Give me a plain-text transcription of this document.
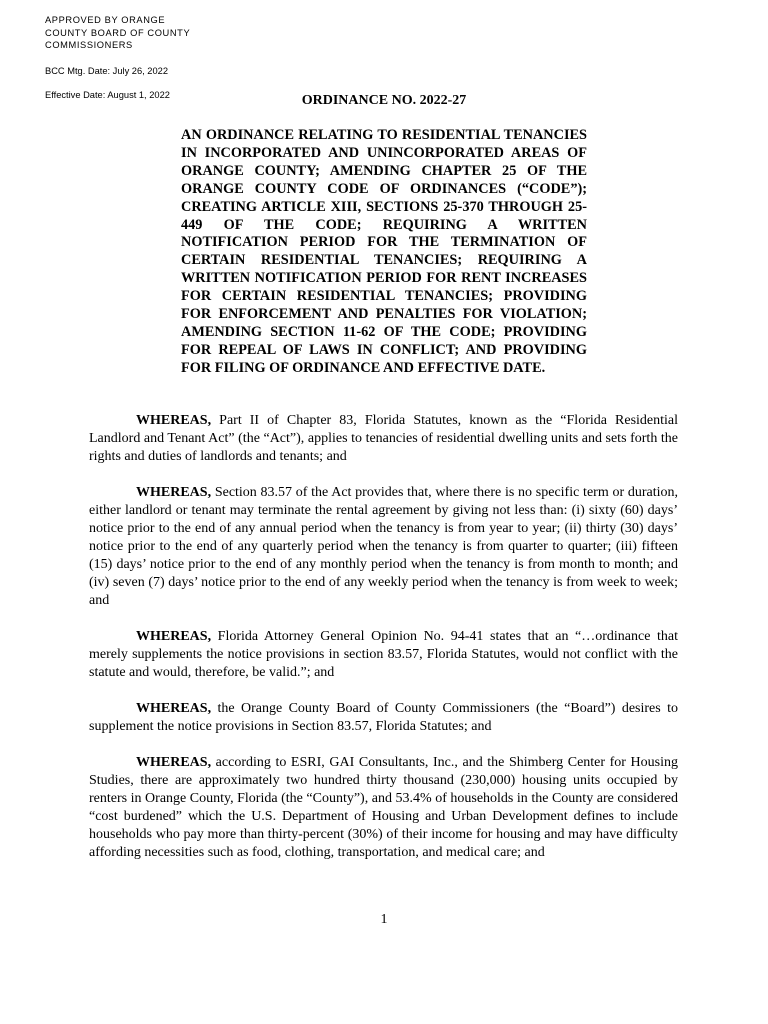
APPROVED BY ORANGE
COUNTY BOARD OF COUNTY
COMMISSIONERS
BCC Mtg. Date: July 26, 2022
Effective Date: August 1, 2022	ORDINANCE NO. 2022-27
AN ORDINANCE RELATING TO RESIDENTIAL TENANCIES IN INCORPORATED AND UNINCORPORATED AREAS OF ORANGE COUNTY; AMENDING CHAPTER 25 OF THE ORANGE COUNTY CODE OF ORDINANCES (“CODE”); CREATING ARTICLE XIII, SECTIONS 25-370 THROUGH 25-449 OF THE CODE; REQUIRING A WRITTEN NOTIFICATION PERIOD FOR THE TERMINATION OF CERTAIN RESIDENTIAL TENANCIES; REQUIRING A WRITTEN NOTIFICATION PERIOD FOR RENT INCREASES FOR CERTAIN RESIDENTIAL TENANCIES; PROVIDING FOR ENFORCEMENT AND PENALTIES FOR VIOLATION; AMENDING SECTION 11-62 OF THE CODE; PROVIDING FOR REPEAL OF LAWS IN CONFLICT; AND PROVIDING FOR FILING OF ORDINANCE AND EFFECTIVE DATE.

WHEREAS, Part II of Chapter 83, Florida Statutes, known as the “Florida Residential Landlord and Tenant Act” (the “Act”), applies to tenancies of residential dwelling units and sets forth the rights and duties of landlords and tenants; and

WHEREAS, Section 83.57 of the Act provides that, where there is no specific term or duration, either landlord or tenant may terminate the rental agreement by giving not less than: (i) sixty (60) days’ notice prior to the end of any annual period when the tenancy is from year to year; (ii) thirty (30) days’ notice prior to the end of any quarterly period when the tenancy is from quarter to quarter; (iii) fifteen (15) days’ notice prior to the end of any monthly period when the tenancy is from month to month; and (iv) seven (7) days’ notice prior to the end of any weekly period when the tenancy is from week to week; and

WHEREAS, Florida Attorney General Opinion No. 94-41 states that an “…ordinance that merely supplements the notice provisions in section 83.57, Florida Statutes, would not conflict with the statute and would, therefore, be valid.”; and

WHEREAS, the Orange County Board of County Commissioners (the “Board”) desires to supplement the notice provisions in Section 83.57, Florida Statutes; and

WHEREAS, according to ESRI, GAI Consultants, Inc., and the Shimberg Center for Housing Studies, there are approximately two hundred thirty thousand (230,000) housing units occupied by renters in Orange County, Florida (the “County”), and 53.4% of households in the County are considered “cost burdened” which the U.S. Department of Housing and Urban Development defines to include households who pay more than thirty-percent (30%) of their income for housing and may have difficulty affording necessities such as food, clothing, transportation, and medical care; and

1
